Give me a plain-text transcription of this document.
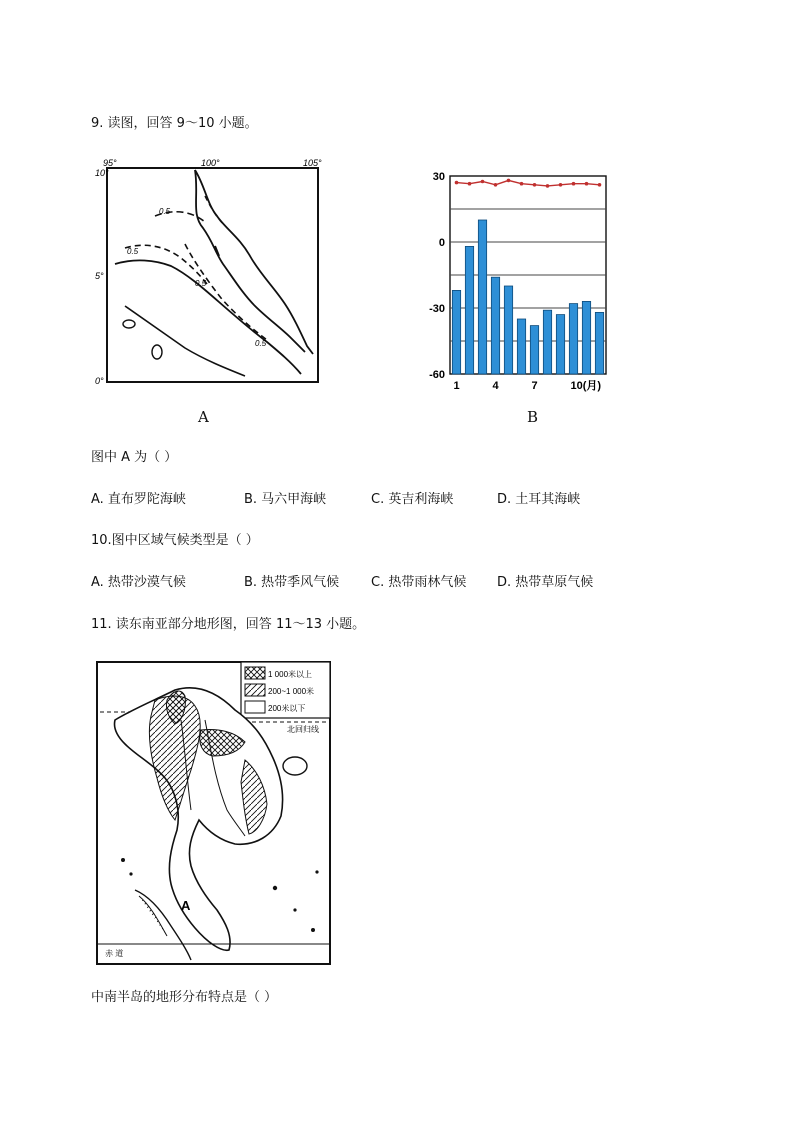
9. 读图，回答 9～10 小题。
95°	100°	105°
10°
5°
0°
0.5
0.5
0.5
0.5
A
30
0
-30
-60
1	4	7	10(月)
B
图中 A 为（ ）
A. 直布罗陀海峡	B. 马六甲海峡	C. 英吉利海峡	D. 土耳其海峡
10.图中区域气候类型是（ ）
A. 热带沙漠气候	B. 热带季风气候 C. 热带雨林气候 D. 热带草原气候
11. 读东南亚部分地形图，回答 11～13 小题。
1 000米以上
200~1 000米
200米以下
北回归线
A
赤 道
中南半岛的地形分布特点是（ ）
